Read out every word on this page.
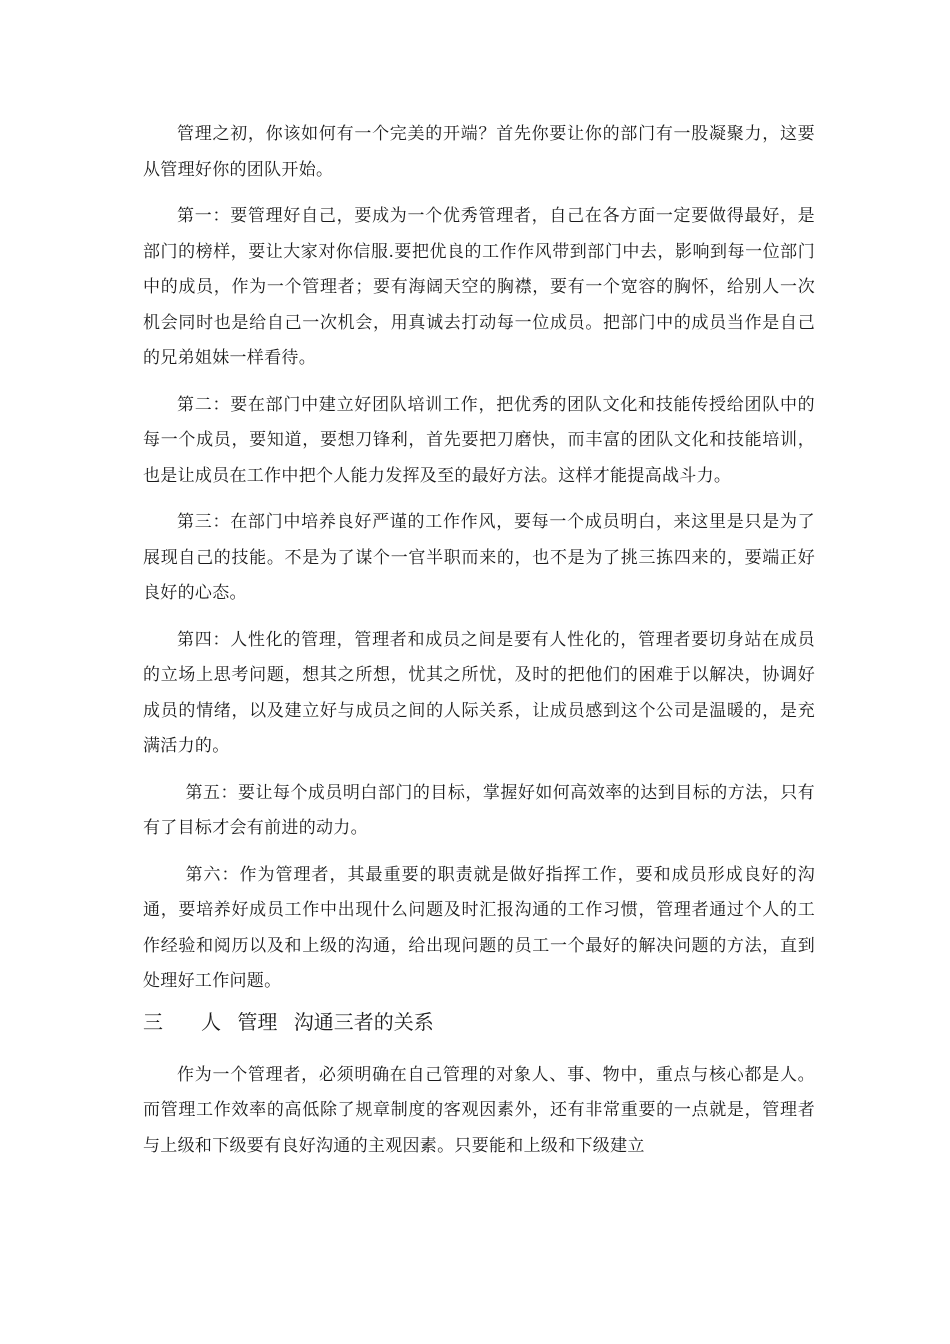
管理之初，你该如何有一个完美的开端？首先你要让你的部门有一股凝聚力，这要从管理好你的团队开始。

第一：要管理好自己，要成为一个优秀管理者，自己在各方面一定要做得最好，是部门的榜样，要让大家对你信服.要把优良的工作作风带到部门中去，影响到每一位部门中的成员，作为一个管理者；要有海阔天空的胸襟，要有一个宽容的胸怀，给别人一次机会同时也是给自己一次机会，用真诚去打动每一位成员。把部门中的成员当作是自己的兄弟姐妹一样看待。

第二：要在部门中建立好团队培训工作，把优秀的团队文化和技能传授给团队中的每一个成员，要知道，要想刀锋利，首先要把刀磨快，而丰富的团队文化和技能培训，也是让成员在工作中把个人能力发挥及至的最好方法。这样才能提高战斗力。

第三：在部门中培养良好严谨的工作作风，要每一个成员明白，来这里是只是为了展现自己的技能。不是为了谋个一官半职而来的，也不是为了挑三拣四来的，要端正好良好的心态。

第四：人性化的管理，管理者和成员之间是要有人性化的，管理者要切身站在成员的立场上思考问题，想其之所想，忧其之所忧，及时的把他们的困难于以解决，协调好成员的情绪，以及建立好与成员之间的人际关系，让成员感到这个公司是温暖的，是充满活力的。

第五：要让每个成员明白部门的目标，掌握好如何高效率的达到目标的方法，只有有了目标才会有前进的动力。

第六：作为管理者，其最重要的职责就是做好指挥工作，要和成员形成良好的沟通，要培养好成员工作中出现什么问题及时汇报沟通的工作习惯，管理者通过个人的工作经验和阅历以及和上级的沟通，给出现问题的员工一个最好的解决问题的方法，直到处理好工作问题。

三	人 管理 沟通三者的关系

作为一个管理者，必须明确在自己管理的对象人、事、物中，重点与核心都是人。而管理工作效率的高低除了规章制度的客观因素外，还有非常重要的一点就是，管理者与上级和下级要有良好沟通的主观因素。只要能和上级和下级建立
